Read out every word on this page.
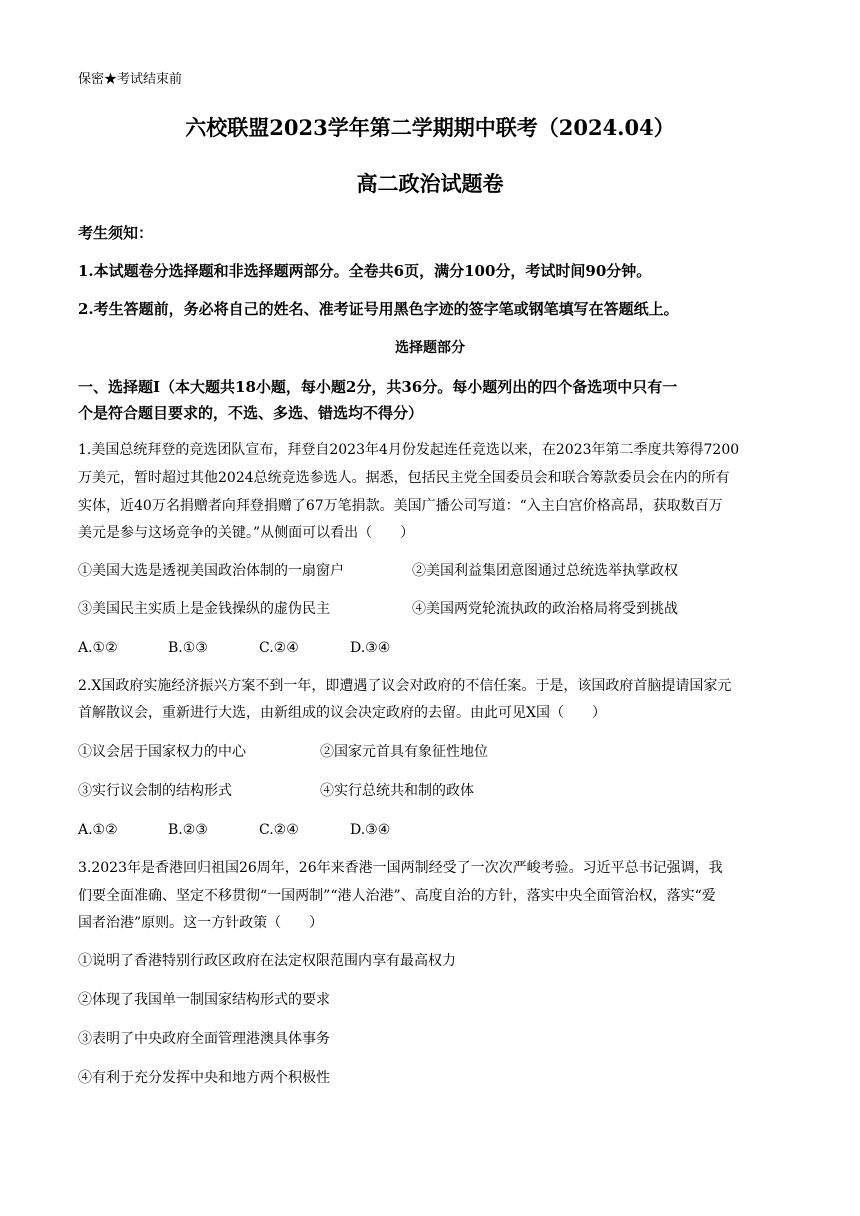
保密★考试结束前
六校联盟2023学年第二学期期中联考（2024.04）
高二政治试题卷
考生须知：
1.本试题卷分选择题和非选择题两部分。全卷共6页，满分100分，考试时间90分钟。
2.考生答题前，务必将自己的姓名、准考证号用黑色字迹的签字笔或钢笔填写在答题纸上。
选择题部分
一、选择题Ⅰ（本大题共18小题，每小题2分，共36分。每小题列出的四个备选项中只有一
个是符合题目要求的，不选、多选、错选均不得分）
1.美国总统拜登的竞选团队宣布，拜登自2023年4月份发起连任竞选以来，在2023年第二季度共筹得7200
万美元，暂时超过其他2024总统竞选参选人。据悉，包括民主党全国委员会和联合筹款委员会在内的所有
实体，近40万名捐赠者向拜登捐赠了67万笔捐款。美国广播公司写道：“入主白宫价格高昂，获取数百万
美元是参与这场竞争的关键。”从侧面可以看出（　　）
①美国大选是透视美国政治体制的一扇窗户	②美国利益集团意图通过总统选举执掌政权
③美国民主实质上是金钱操纵的虚伪民主	④美国两党轮流执政的政治格局将受到挑战
A.①②	B.①③	C.②④	D.③④
2.X国政府实施经济振兴方案不到一年，即遭遇了议会对政府的不信任案。于是，该国政府首脑提请国家元
首解散议会，重新进行大选，由新组成的议会决定政府的去留。由此可见X国（　　）
①议会居于国家权力的中心	②国家元首具有象征性地位
③实行议会制的结构形式	④实行总统共和制的政体
A.①②	B.②③	C.②④	D.③④
3.2023年是香港回归祖国26周年，26年来香港一国两制经受了一次次严峻考验。习近平总书记强调，我
们要全面准确、坚定不移贯彻“一国两制”“港人治港”、高度自治的方针，落实中央全面管治权，落实“爱
国者治港”原则。这一方针政策（　　）
①说明了香港特别行政区政府在法定权限范围内享有最高权力
②体现了我国单一制国家结构形式的要求
③表明了中央政府全面管理港澳具体事务
④有利于充分发挥中央和地方两个积极性
